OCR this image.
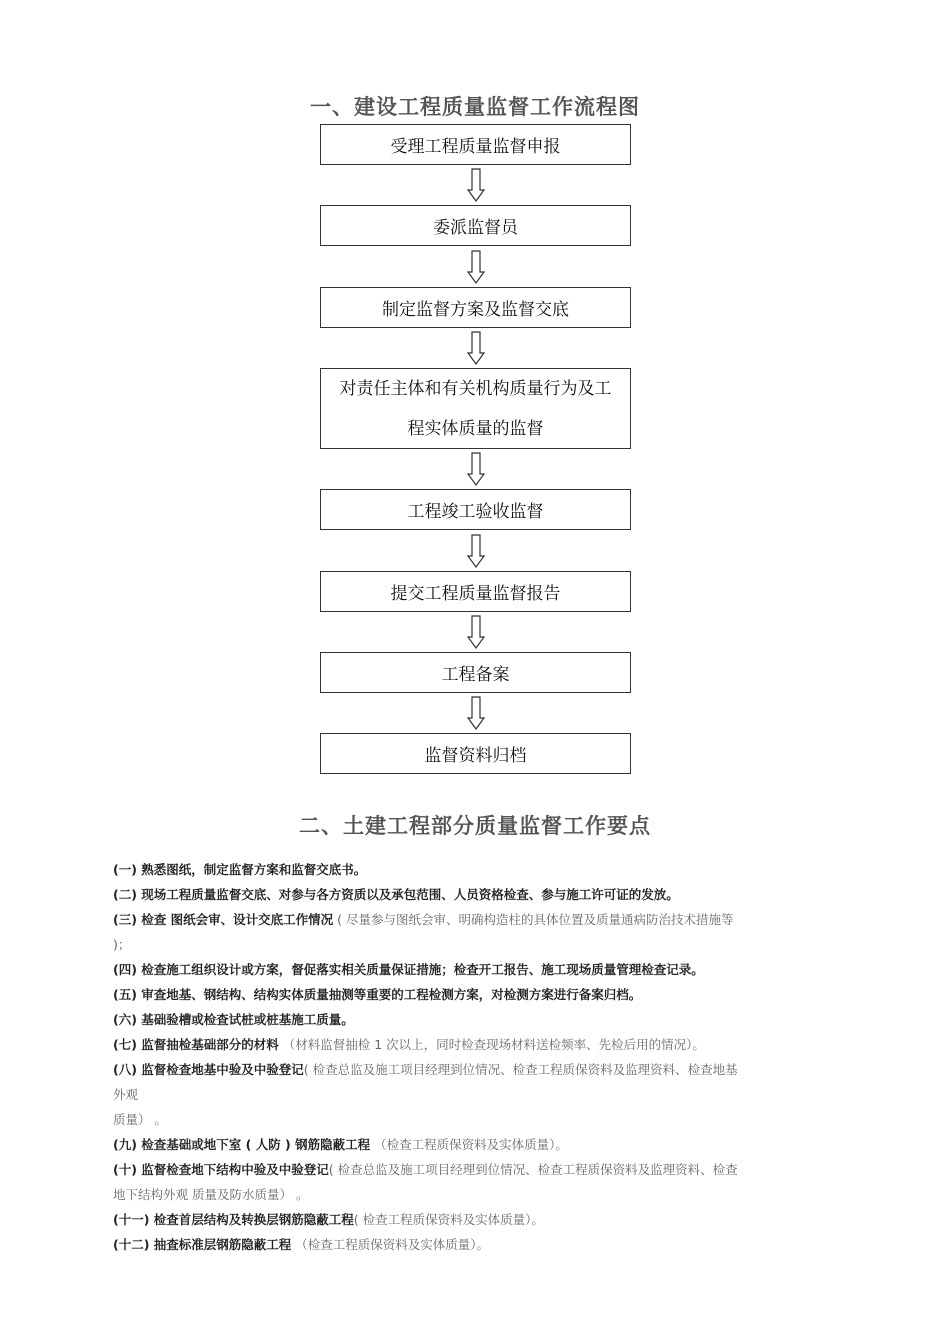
一、建设工程质量监督工作流程图
受理工程质量监督申报
委派监督员
制定监督方案及监督交底
对责任主体和有关机构质量行为及工
程实体质量的监督
工程竣工验收监督
提交工程质量监督报告
工程备案
监督资料归档
二、土建工程部分质量监督工作要点

(一) 熟悉图纸，制定监督方案和监督交底书。

(二) 现场工程质量监督交底、对参与各方资质以及承包范围、人员资格检查、参与施工许可证的发放。

(三) 检查 图纸会审、设计交底工作情况 ( 尽量参与图纸会审、明确构造柱的具体位置及质量通病防治技术措施等
)；

(四) 检查施工组织设计或方案，督促落实相关质量保证措施；检查开工报告、施工现场质量管理检查记录。

(五) 审查地基、钢结构、结构实体质量抽测等重要的工程检测方案，对检测方案进行备案归档。

(六) 基础验槽或检查试桩或桩基施工质量。

(七) 监督抽检基础部分的材料 （材料监督抽检 1 次以上，同时检查现场材料送检频率、先检后用的情况）。

(八) 监督检查地基中验及中验登记( 检查总监及施工项目经理到位情况、检查工程质保资料及监理资料、检查地基
外观
质量） 。

(九) 检查基础或地下室 ( 人防 ) 钢筋隐蔽工程 （检查工程质保资料及实体质量）。

(十) 监督检查地下结构中验及中验登记( 检查总监及施工项目经理到位情况、检查工程质保资料及监理资料、检查
地下结构外观 质量及防水质量） 。

(十一) 检查首层结构及转换层钢筋隐蔽工程( 检查工程质保资料及实体质量）。

(十二) 抽查标准层钢筋隐蔽工程 （检查工程质保资料及实体质量）。
